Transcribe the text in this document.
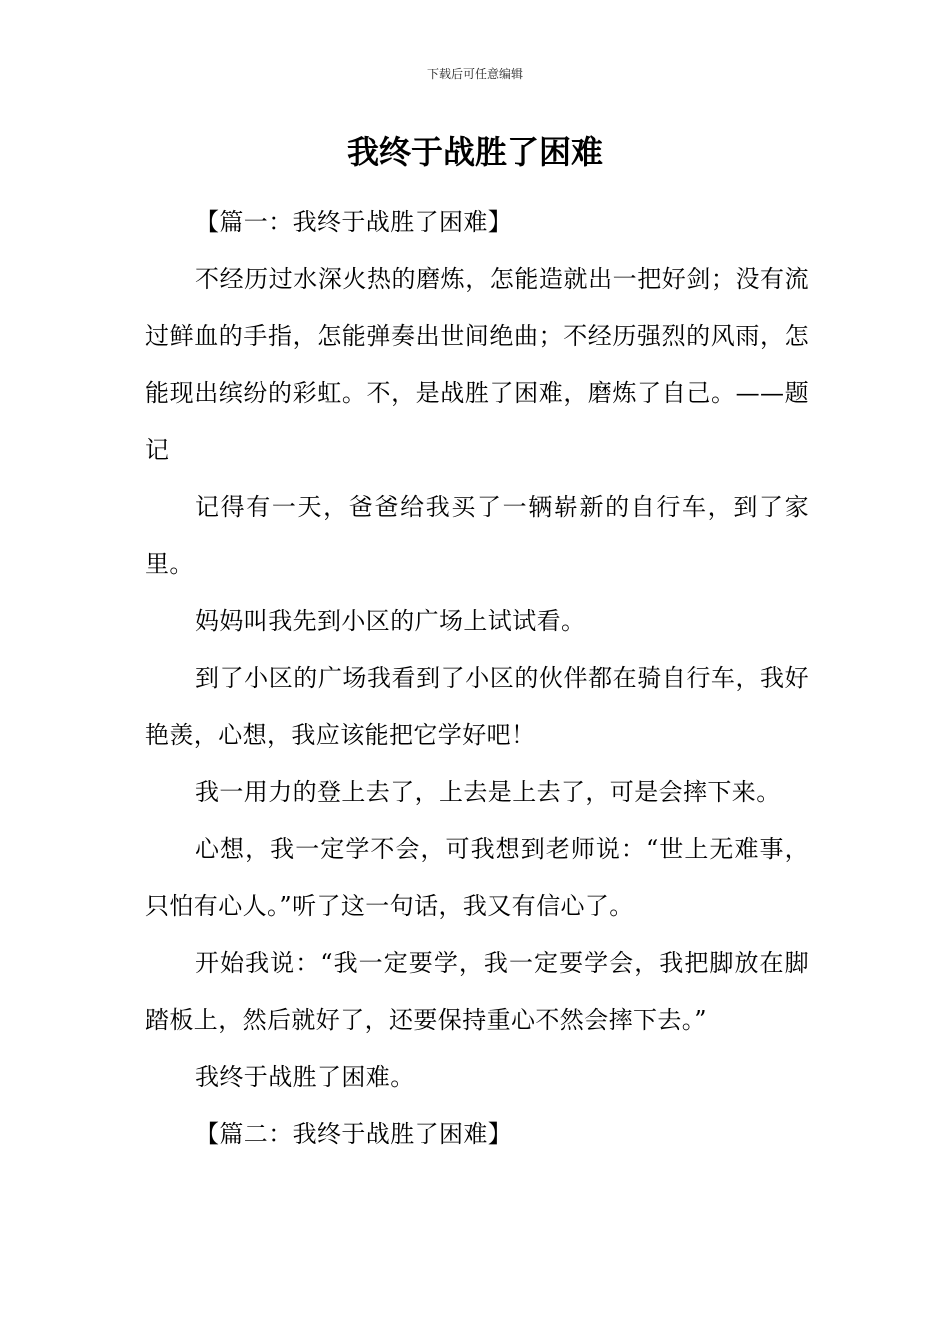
下载后可任意编辑
我终于战胜了困难

【篇一：我终于战胜了困难】

不经历过水深火热的磨炼，怎能造就出一把好剑；没有流过鲜血的手指，怎能弹奏出世间绝曲；不经历强烈的风雨，怎能现出缤纷的彩虹。不，是战胜了困难，磨炼了自己。——题记

记得有一天，爸爸给我买了一辆崭新的自行车，到了家里。

妈妈叫我先到小区的广场上试试看。

到了小区的广场我看到了小区的伙伴都在骑自行车，我好艳羡，心想，我应该能把它学好吧！

我一用力的登上去了，上去是上去了，可是会摔下来。

心想，我一定学不会，可我想到老师说：“世上无难事，只怕有心人。”听了这一句话，我又有信心了。

开始我说：“我一定要学，我一定要学会，我把脚放在脚踏板上，然后就好了，还要保持重心不然会摔下去。”

我终于战胜了困难。

【篇二：我终于战胜了困难】
